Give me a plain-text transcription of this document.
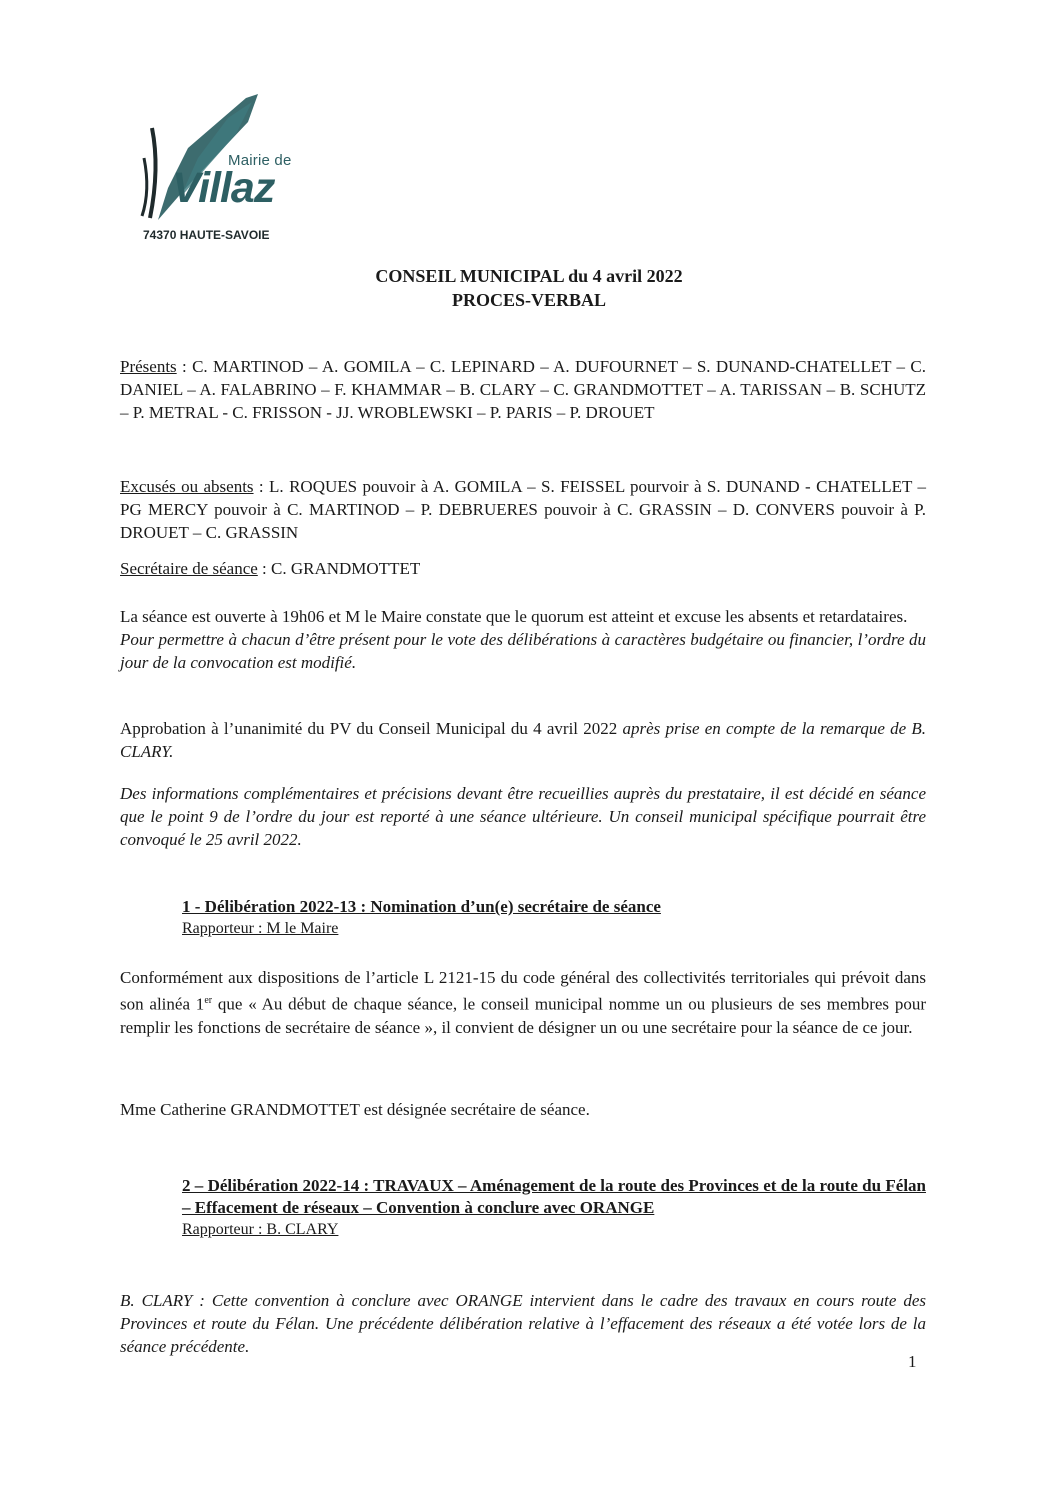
Mairie de
Villaz
74370 HAUTE-SAVOIE
CONSEIL MUNICIPAL du 4 avril 2022
PROCES-VERBAL
Présents : C. MARTINOD – A. GOMILA – C. LEPINARD – A. DUFOURNET – S. DUNAND-CHATELLET – C. DANIEL – A. FALABRINO – F. KHAMMAR – B. CLARY – C. GRANDMOTTET – A. TARISSAN – B. SCHUTZ – P. METRAL - C. FRISSON - JJ. WROBLEWSKI – P. PARIS – P. DROUET
Excusés ou absents : L. ROQUES pouvoir à A. GOMILA – S. FEISSEL pourvoir à S. DUNAND - CHATELLET – PG MERCY pouvoir à C. MARTINOD – P. DEBRUERES pouvoir à C. GRASSIN – D. CONVERS pouvoir à P. DROUET – C. GRASSIN
Secrétaire de séance : C. GRANDMOTTET
La séance est ouverte à 19h06 et M le Maire constate que le quorum est atteint et excuse les absents et retardataires.
Pour permettre à chacun d’être présent pour le vote des délibérations à caractères budgétaire ou financier, l’ordre du jour de la convocation est modifié.
Approbation à l’unanimité du PV du Conseil Municipal du 4 avril 2022 après prise en compte de la remarque de B. CLARY.
Des informations complémentaires et précisions devant être recueillies auprès du prestataire, il est décidé en séance que le point 9 de l’ordre du jour est reporté à une séance ultérieure. Un conseil municipal spécifique pourrait être convoqué le 25 avril 2022.
1 - Délibération 2022-13 : Nomination d’un(e) secrétaire de séance
Rapporteur : M le Maire
Conformément aux dispositions de l’article L 2121-15 du code général des collectivités territoriales qui prévoit dans son alinéa 1er que « Au début de chaque séance, le conseil municipal nomme un ou plusieurs de ses membres pour remplir les fonctions de secrétaire de séance », il convient de désigner un ou une secrétaire pour la séance de ce jour.
Mme Catherine GRANDMOTTET est désignée secrétaire de séance.
2 – Délibération 2022-14 : TRAVAUX – Aménagement de la route des Provinces et de la route du Félan – Effacement de réseaux – Convention à conclure avec ORANGE
Rapporteur : B. CLARY
B. CLARY : Cette convention à conclure avec ORANGE intervient dans le cadre des travaux en cours route des Provinces et route du Félan. Une précédente délibération relative à l’effacement des réseaux a été votée lors de la séance précédente.
1
